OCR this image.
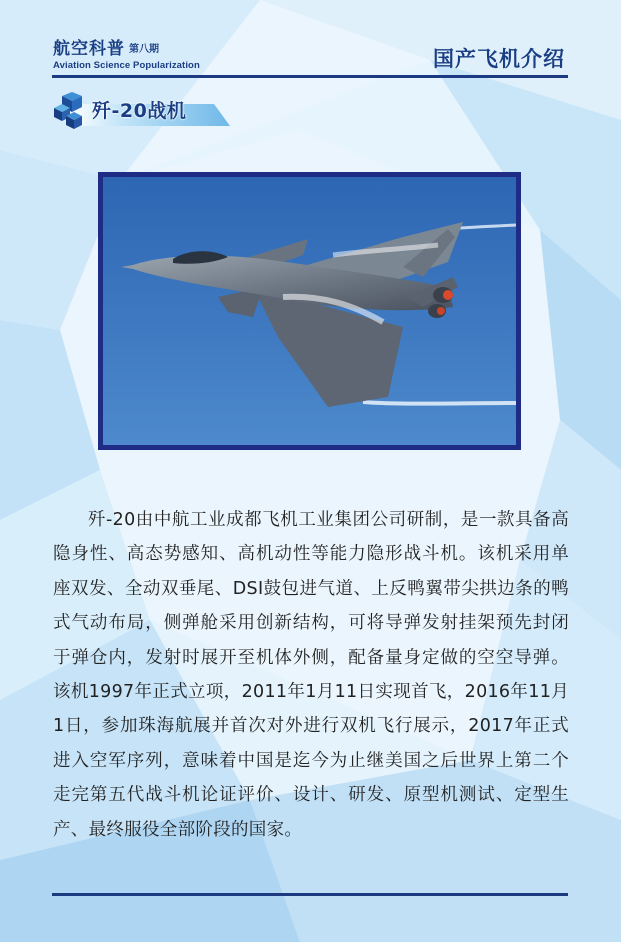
航空科普 第八期
Aviation Science Popularization	国产飞机介绍
歼-20战机
歼-20由中航工业成都飞机工业集团公司研制，是一款具备高隐身性、高态势感知、高机动性等能力隐形战斗机。该机采用单座双发、全动双垂尾、DSI鼓包进气道、上反鸭翼带尖拱边条的鸭式气动布局，侧弹舱采用创新结构，可将导弹发射挂架预先封闭于弹仓内，发射时展开至机体外侧，配备量身定做的空空导弹。该机1997年正式立项，2011年1月11日实现首飞，2016年11月1日，参加珠海航展并首次对外进行双机飞行展示，2017年正式进入空军序列，意味着中国是迄今为止继美国之后世界上第二个走完第五代战斗机论证评价、设计、研发、原型机测试、定型生产、最终服役全部阶段的国家。
